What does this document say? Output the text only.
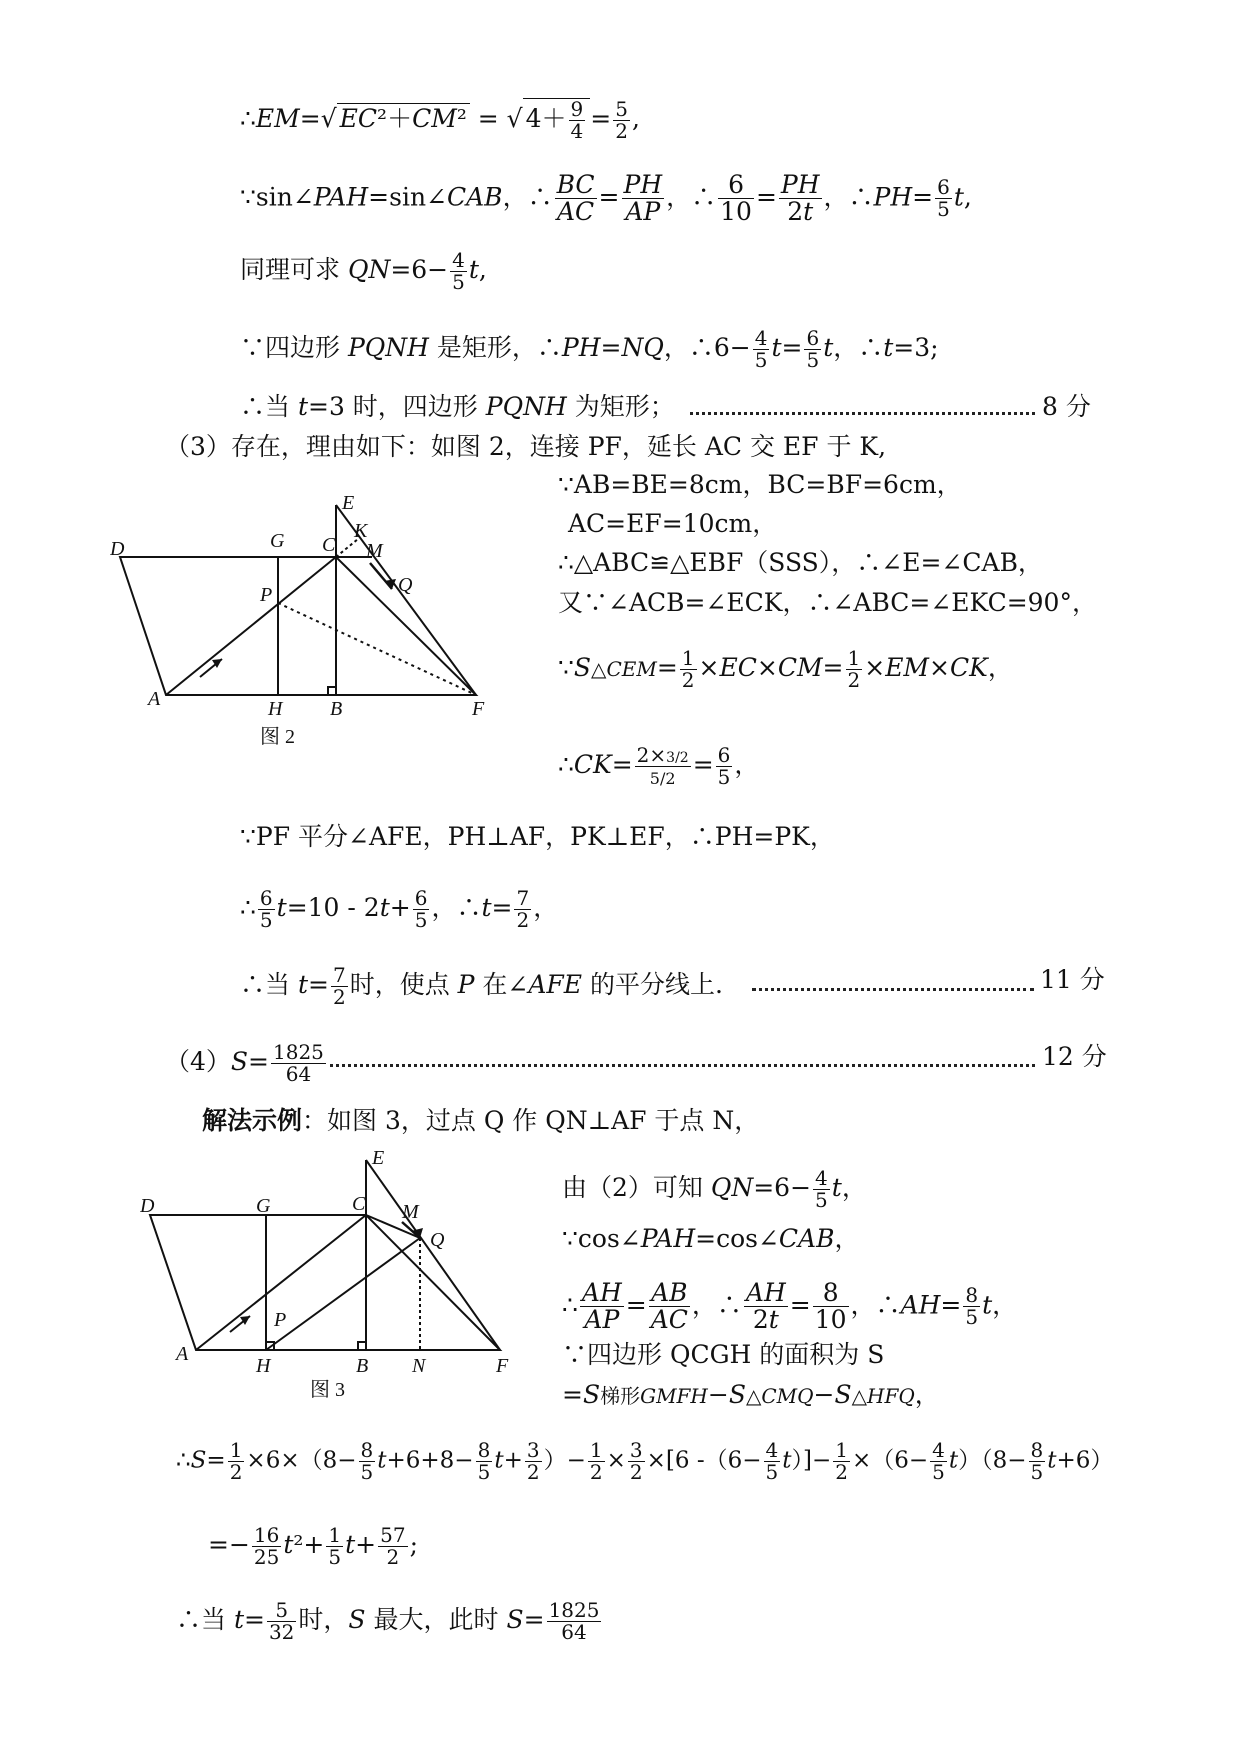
∴EM=√ EC²＋CM² = √ $4+ \frac{9}{4} = \frac{5}{2}$ ,
∵sin∠PAH=sin∠CAB，∴ $\frac{BC}{AC} = \frac{PH}{AP}$ ，∴ $\frac{6}{10} = \frac{PH}{2t}$ ，∴PH= $\frac{6}{5} t$,
同理可求 $QN=6- \frac{4}{5} t$,
∵四边形 PQNH 是矩形，∴PH=NQ，∴6− $\frac{4}{5} t= \frac{6}{5}$ t，∴t=3;
∴当 t=3 时，四边形 PQNH 为矩形；	8 分
（3）存在，理由如下：如图 2，连接 PF，延长 AC 交 EF 于 K,
E
K
D	G C M
Q
P
A	H B	F
图 2
∵AB=BE=8cm，BC=BF=6cm，
AC=EF=10cm，
∴△ABC≌△EBF（SSS），∴∠E=∠CAB，
又∵∠ACB=∠ECK，∴∠ABC=∠EKC=90°，
∵S△CEM= $\frac{1}{2} \times EC\times CM= \frac{1}{2} \times EM\times CK$，
∴CK= $\frac{2\times 3/2}{5/2} = \frac{6}{5}$ ，
∵PF 平分∠AFE，PH⊥AF，PK⊥EF，∴PH=PK，
∴ $\frac{6}{5} t=10 - 2t+ \frac{6}{5}$ ，∴t= $\frac{7}{2}$ ，
∴当 $t= \frac{7}{2}$ 时，使点 P 在∠AFE 的平分线上.	11 分
$(4)S= \frac{1825}{64}$	12 分
解法示例：如图 3，过点 Q 作 QN⊥AF 于点 N，
E
D	G	C M
Q
P
A
H	B N	F
图 3
由（2）可知 $QN=6- \frac{4}{5}$ t，
∵cos∠PAH=cos∠CAB，
∴ $\frac{AH}{AP} = \frac{AB}{AC}$ ，∴ $\frac{AH}{2t} = \frac{8}{10}$ ，∴AH= $\frac{8}{5}$ t，
∵四边形 QCGH 的面积为 S
=S梯形GMFH−S△CMQ−S△HFQ，
∴S= $\frac{1}{2} \times 6\times(8- \frac{8}{5} t+6+8- \frac{8}{5} t+ \frac{3}{2}$ ）− $\frac{1}{2} \times \frac{3}{2} \times[6$ $-(6- \frac{4}{5} t)]- \frac{1}{2} \times(6- \frac{4}{5} t)(8- \frac{8}{5} t+6)$
=− $\frac{16}{25} t^2+ \frac{1}{5} t+ \frac{57}{2}$ ;
∴当 $t= \frac{5}{32}$ 时，S 最大，此时 $S= \frac{1825}{64}$
